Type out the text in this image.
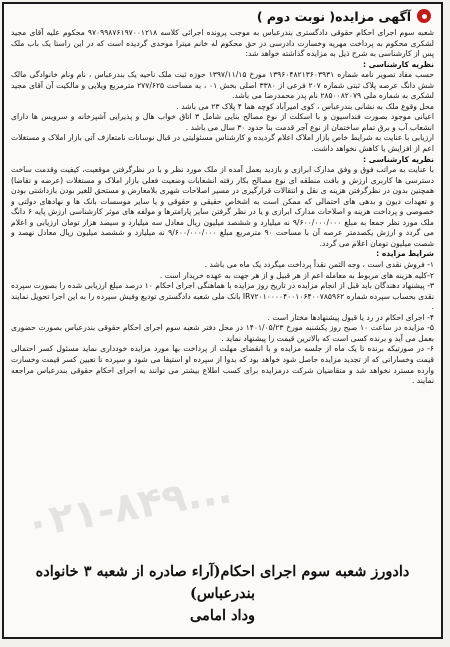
آگهی مزایده( نوبت دوم )

شعبه سوم اجرای احکام حقوقی دادگستری بندرعباس به موجب پرونده اجرائی کلاسه ۹۷۰۹۹۸۷۶۱۹۷۰۰۱۲۱۸ محکوم علیه آقای مجید لشکری محکوم به پرداخت مهریه وخسارت دادرسی در حق محکوم له خانم میترا موحدی گردیده است که در این راستا یک باب ملک پس از کارشناسی به شرح ذیل به مزایده گذاشته خواهد شد:

نظریه کارشناسی :

حسب مفاد تصویر نامه شماره ۱۳۹۶۰۴۸۲۱۳۶۰۳۹۳۱ مورخ ۱۳۹۷/۱۱/۱۵ حوزه ثبت ملک ناحیه یک بندرعباس ، نام ونام خانوادگی مالک شش دانگ عرصه پلاک ثبتی شماره ۲۰۷ فرعی از ۳۳۸۰ اصلی بخش ۰۱ ، به مساحت ۲۷۷/۶۲۵ مترمربع ویلایی و مالکیت آن آقای مجید لشکری به شماره ملی ۲۸۵۰۰۸۲۰۷۹ نام پدر محمدرضا می باشد.

محل وقوع ملک به نشانی بندرعباس ، کوی امیرآباد کوچه هما ۴ پلاک ۲۳ می باشد .

اعیانی موجود بصورت فنداسیون و با اسکلت از نوع مصالح بنایی شامل ۳ اتاق خواب هال و پذیرایی آشپزخانه و سرویس ها دارای انشعاب آب و برق تمام ساختمان از نوع آجر قدمت بنا حدود ۳۰ سال می باشد .

ارزیابی با عنایت به شرایط خاص بازار املاک اعلام گردیده و کارشناس مسئولیتی در قبال نوسانات نامتعارف آتی بازار املاک و مستغلات اعم از افزایش یا کاهش نخواهد داشت.

نظریه کارشناسی :

با عنایت به مراتب فوق و وفق مدارک ابرازی و بازدید بعمل آمده از ملک مورد نظر و با در نظرگرفتن موقعیت، کیفیت وقدمت ساخت دسترسی ها کاربری ارزش و بافت منطقه ای نوع مصالح بکار رفته انشعابات وضعیت فعلی بازار املاک و مستغلات (عرضه و تقاضا) همچنین بدون در نظرگرفتن هزینه ی نقل و انتقالات قرارگیری در مسیر اصلاحات شهری بلامعارض و مستحق للغیر بودن بازداشتی بودن و تعهدات دیون و بدهی های احتمالی که ممکن است به اشخاص حقیقی و حقوقی و یا سایر موسسات بانک ها و نهادهای دولتی و خصوصی و پرداخت هزینه و اصلاحات مدارک ابرازی و یا در نظر گرفتن سایر پارامترها و مولفه های موثر کارشناسی ارزش پایه ۶ دانگ ملک مورد نظر جمعا به مبلغ ۹/۶۰۰/۰۰۰/۰۰۰ نه میلیارد و ششصد میلیون ریال معادل سه میلیارد و سیصد هزار تومان ارزیابی و اعلام می گردد و ارزش یکصدمتر عرصه آن با مساحت ۹۰ مترمربع مبلغ ۹/۶۰۰/۰۰۰/۰۰۰ نه میلیارد و ششصد میلیون ریال معادل نهصد و شصت میلیون تومان اعلام می گردد.

شرایط مزایده :

۱- فروش نقدی است ، وجه الثمن نقداً پرداخت میگردد یک ماه می باشد .

۲-کلیه هزینه های مربوط به معامله اعم از هر قبیل و از هر جهت به عهده خریدار است .

۳- پیشنهاد دهندگان باید قبل از انجام مزایده در تاریخ روز مزایده با هماهنگی اجرای احکام ۱۰ درصد مبلغ ارزیابی شده را بصورت سپرده نقدی بحساب سپرده شماره IR۷۲۰۱۰۰۰۰۴۰۰۱۰۶۴۰۰۷۸۵۹۶۲ بانک ملی شعبه دادگستری تودیع وفیش سپرده را به این اجرا تحویل نمایند .

۴- اجرای احکام در رد یا قبول پیشنهادها مختار است .

۵- مزایده در ساعت ۱۰ صبح روز یکشنبه مورخ ۱۴۰۱/۰۵/۲۳ در محل دفتر شعبه سوم اجرای احکام حقوقی بندرعباس بصورت حضوری بعمل می آید و برنده کسی است که بالاترین قیمت را پیشنهاد نماید .

۶- در صورتیکه برنده تا یک ماه از جلسه مزایده و با انقضای مهلت از پرداخت بها مورد مزایده خودداری نماید مسئول کسر احتمالی قیمت وخساراتی که از تجدید مزایده حاصل شود خواهد بود که بدوا از سپرده او استیفا می شود و سپرده تا تعیین کسر قیمت وخسارت وارده مسترد نخواهد شد و متقاضیان شرکت درمزایده برای کسب اطلاع بیشتر می توانند به اجرای احکام حقوقی بندرعباس مراجعه نمایند .

۰۲۱-۸۴۹...
دادورز شعبه سوم اجرای احکام(آراء صادره از شعبه ۳ خانواده بندرعباس)
وداد امامی
